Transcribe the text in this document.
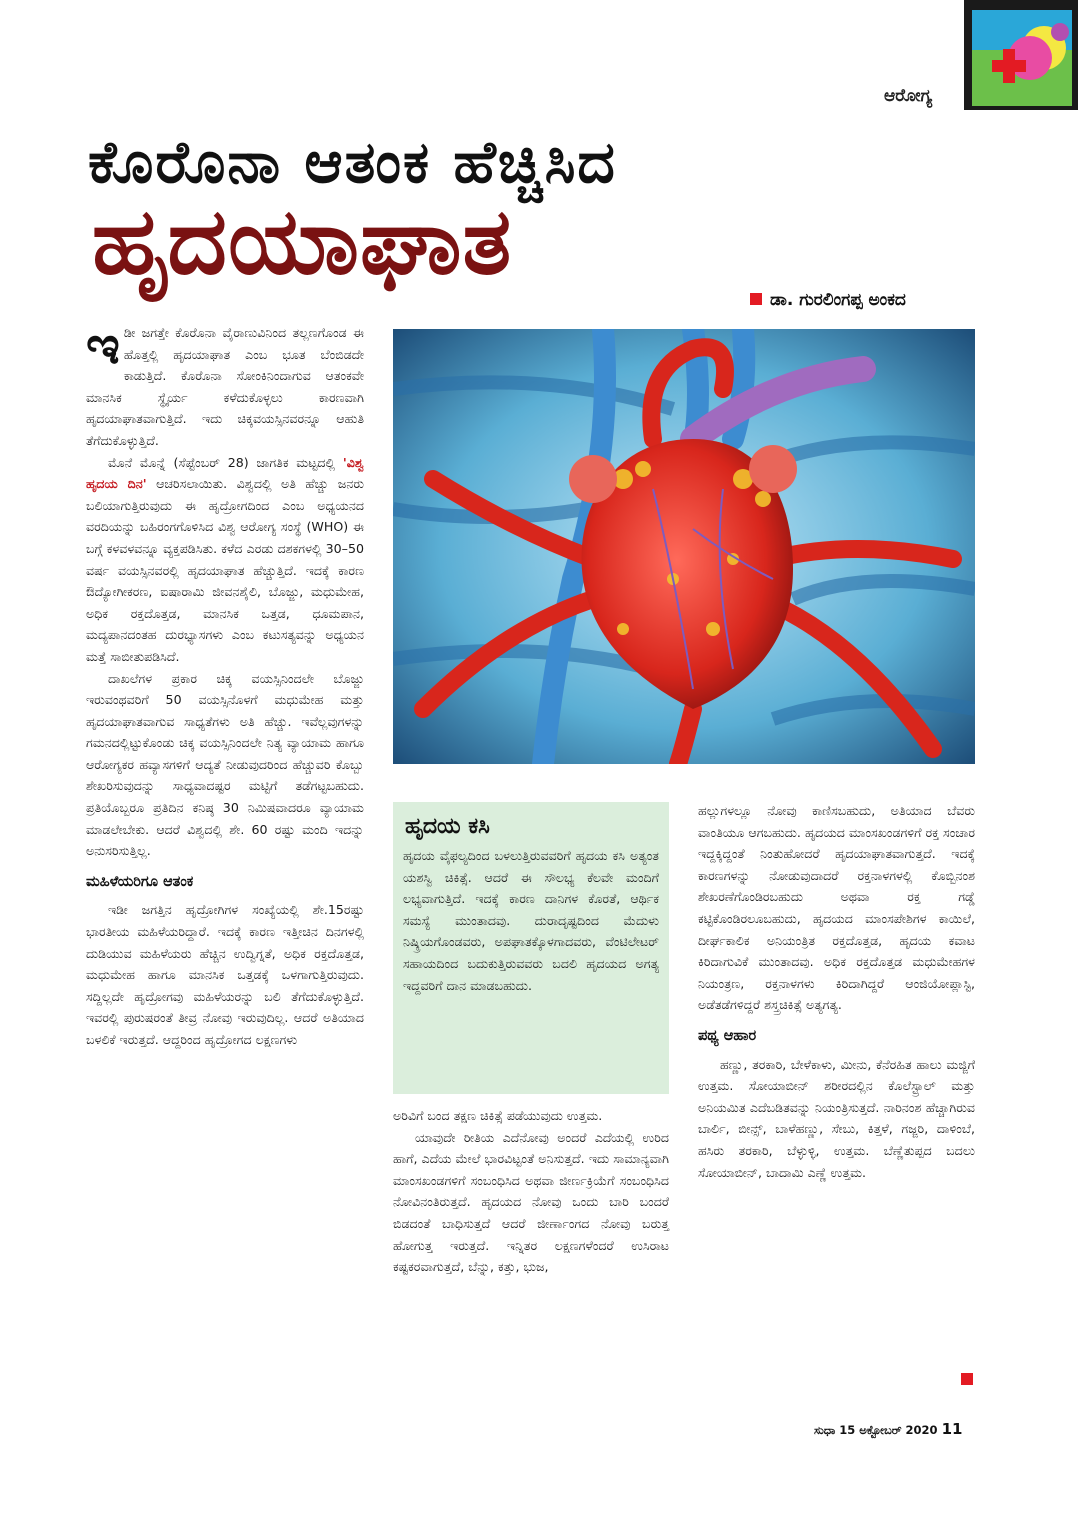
ಆರೋಗ್ಯ
ಕೊರೊನಾ ಆತಂಕ ಹೆಚ್ಚಿಸಿದ
ಹೃದಯಾಘಾತ
ಡಾ. ಗುರಲಿಂಗಪ್ಪ ಅಂಕದ

ಇಡೀ ಜಗತ್ತೇ ಕೊರೊನಾ ವೈರಾಣುವಿನಿಂದ ತಲ್ಲಣಗೊಂಡ ಈ ಹೊತ್ತಲ್ಲಿ ಹೃದಯಾಘಾತ ಎಂಬ ಭೂತ ಬೆಂಬಿಡದೇ ಕಾಡುತ್ತಿದೆ. ಕೊರೊನಾ ಸೋಂಕಿನಿಂದಾಗುವ ಆತಂಕವೇ ಮಾನಸಿಕ ಸ್ಥೈರ್ಯ ಕಳೆದುಕೊಳ್ಳಲು ಕಾರಣವಾಗಿ ಹೃದಯಾಘಾತವಾಗುತ್ತಿದೆ. ಇದು ಚಿಕ್ಕವಯಸ್ಸಿನವರನ್ನೂ ಆಹುತಿ ತೆಗೆದುಕೊಳ್ಳುತ್ತಿದೆ.

ಮೊನೆ ಮೊನ್ನೆ (ಸೆಪ್ಟೆಂಬರ್ 28) ಜಾಗತಿಕ ಮಟ್ಟದಲ್ಲಿ 'ವಿಶ್ವ ಹೃದಯ ದಿನ' ಆಚರಿಸಲಾಯಿತು. ವಿಶ್ವದಲ್ಲಿ ಅತಿ ಹೆಚ್ಚು ಜನರು ಬಲಿಯಾಗುತ್ತಿರುವುದು ಈ ಹೃದ್ರೋಗದಿಂದ ಎಂಬ ಅಧ್ಯಯನದ ವರದಿಯನ್ನು ಬಹಿರಂಗಗೊಳಿಸಿದ ವಿಶ್ವ ಆರೋಗ್ಯ ಸಂಸ್ಥೆ (WHO) ಈ ಬಗ್ಗೆ ಕಳವಳವನ್ನೂ ವ್ಯಕ್ತಪಡಿಸಿತು. ಕಳೆದ ಎರಡು ದಶಕಗಳಲ್ಲಿ 30–50 ವರ್ಷ ವಯಸ್ಸಿನವರಲ್ಲಿ ಹೃದಯಾಘಾತ ಹೆಚ್ಚುತ್ತಿದೆ. ಇದಕ್ಕೆ ಕಾರಣ ಔದ್ಯೋಗೀಕರಣ, ಐಷಾರಾಮಿ ಜೀವನಶೈಲಿ, ಬೊಜ್ಜು, ಮಧುಮೇಹ, ಅಧಿಕ ರಕ್ತದೊತ್ತಡ, ಮಾನಸಿಕ ಒತ್ತಡ, ಧೂಮಪಾನ, ಮದ್ಯಪಾನದಂತಹ ದುರಭ್ಯಾಸಗಳು ಎಂಬ ಕಟುಸತ್ಯವನ್ನು ಅಧ್ಯಯನ ಮತ್ತೆ ಸಾಬೀತುಪಡಿಸಿದೆ.

ದಾಖಲೆಗಳ ಪ್ರಕಾರ ಚಿಕ್ಕ ವಯಸ್ಸಿನಿಂದಲೇ ಬೊಜ್ಜು ಇರುವಂಥವರಿಗೆ 50 ವಯಸ್ಸಿನೊಳಗೆ ಮಧುಮೇಹ ಮತ್ತು ಹೃದಯಾಘಾತವಾಗುವ ಸಾಧ್ಯತೆಗಳು ಅತಿ ಹೆಚ್ಚು. ಇವೆಲ್ಲವುಗಳನ್ನು ಗಮನದಲ್ಲಿಟ್ಟುಕೊಂಡು ಚಿಕ್ಕ ವಯಸ್ಸಿನಿಂದಲೇ ನಿತ್ಯ ವ್ಯಾಯಾಮ ಹಾಗೂ ಆರೋಗ್ಯಕರ ಹವ್ಯಾಸಗಳಿಗೆ ಆದ್ಯತೆ ನೀಡುವುದರಿಂದ ಹೆಚ್ಚುವರಿ ಕೊಬ್ಬು ಶೇಖರಿಸುವುದನ್ನು ಸಾಧ್ಯವಾದಷ್ಟರ ಮಟ್ಟಿಗೆ ತಡೆಗಟ್ಟಬಹುದು. ಪ್ರತಿಯೊಬ್ಬರೂ ಪ್ರತಿದಿನ ಕನಿಷ್ಠ 30 ನಿಮಿಷವಾದರೂ ವ್ಯಾಯಾಮ ಮಾಡಲೇಬೇಕು. ಆದರೆ ವಿಶ್ವದಲ್ಲಿ ಶೇ. 60 ರಷ್ಟು ಮಂದಿ ಇದನ್ನು ಅನುಸರಿಸುತ್ತಿಲ್ಲ.

ಮಹಿಳೆಯರಿಗೂ ಆತಂಕ

ಇಡೀ ಜಗತ್ತಿನ ಹೃದ್ರೋಗಿಗಳ ಸಂಖ್ಯೆಯಲ್ಲಿ ಶೇ.15ರಷ್ಟು ಭಾರತೀಯ ಮಹಿಳೆಯರಿದ್ದಾರೆ. ಇದಕ್ಕೆ ಕಾರಣ ಇತ್ತೀಚಿನ ದಿನಗಳಲ್ಲಿ ದುಡಿಯುವ ಮಹಿಳೆಯರು ಹೆಚ್ಚಿನ ಉದ್ವಿಗ್ನತೆ, ಅಧಿಕ ರಕ್ತದೊತ್ತಡ, ಮಧುಮೇಹ ಹಾಗೂ ಮಾನಸಿಕ ಒತ್ತಡಕ್ಕೆ ಒಳಗಾಗುತ್ತಿರುವುದು. ಸದ್ದಿಲ್ಲದೇ ಹೃದ್ರೋಗವು ಮಹಿಳೆಯರನ್ನು ಬಲಿ ತೆಗೆದುಕೊಳ್ಳುತ್ತಿದೆ. ಇವರಲ್ಲಿ ಪುರುಷರಂತೆ ತೀವ್ರ ನೋವು ಇರುವುದಿಲ್ಲ. ಆದರೆ ಅತಿಯಾದ ಬಳಲಿಕೆ ಇರುತ್ತದೆ. ಆದ್ದರಿಂದ ಹೃದ್ರೋಗದ ಲಕ್ಷಣಗಳು

ಹೃದಯ ಕಸಿ
ಹೃದಯ ವೈಫಲ್ಯದಿಂದ ಬಳಲುತ್ತಿರುವವರಿಗೆ ಹೃದಯ ಕಸಿ ಅತ್ಯಂತ ಯಶಸ್ವಿ ಚಿಕಿತ್ಸೆ. ಆದರೆ ಈ ಸೌಲಭ್ಯ ಕೆಲವೇ ಮಂದಿಗೆ ಲಭ್ಯವಾಗುತ್ತಿದೆ. ಇದಕ್ಕೆ ಕಾರಣ ದಾನಿಗಳ ಕೊರತೆ, ಆರ್ಥಿಕ ಸಮಸ್ಯೆ ಮುಂತಾದವು. ದುರಾದೃಷ್ಟದಿಂದ ಮೆದುಳು ನಿಷ್ಕ್ರಿಯಗೊಂಡವರು, ಅಪಘಾತಕ್ಕೊಳಗಾದವರು, ವೆಂಟಿಲೇಟರ್ ಸಹಾಯದಿಂದ ಬದುಕುತ್ತಿರುವವರು ಬದಲಿ ಹೃದಯದ ಅಗತ್ಯ ಇದ್ದವರಿಗೆ ದಾನ ಮಾಡಬಹುದು.

ಅರಿವಿಗೆ ಬಂದ ತಕ್ಷಣ ಚಿಕಿತ್ಸೆ ಪಡೆಯುವುದು ಉತ್ತಮ.

ಯಾವುದೇ ರೀತಿಯ ಎದೆನೋವು ಅಂದರೆ ಎದೆಯಲ್ಲಿ ಉರಿದ ಹಾಗೆ, ಎದೆಯ ಮೇಲೆ ಭಾರವಿಟ್ಟಂತೆ ಅನಿಸುತ್ತದೆ. ಇದು ಸಾಮಾನ್ಯವಾಗಿ ಮಾಂಸಖಂಡಗಳಿಗೆ ಸಂಬಂಧಿಸಿದ ಅಥವಾ ಜೀರ್ಣಕ್ರಿಯೆಗೆ ಸಂಬಂಧಿಸಿದ ನೋವಿನಂತಿರುತ್ತದೆ. ಹೃದಯದ ನೋವು ಒಂದು ಬಾರಿ ಬಂದರೆ ಬಿಡದಂತೆ ಬಾಧಿಸುತ್ತದೆ ಆದರೆ ಜೀರ್ಣಾಂಗದ ನೋವು ಬರುತ್ತ ಹೋಗುತ್ತ ಇರುತ್ತದೆ. ಇನ್ನಿತರ ಲಕ್ಷಣಗಳೆಂದರೆ ಉಸಿರಾಟ ಕಷ್ಟಕರವಾಗುತ್ತದೆ, ಬೆನ್ನು, ಕತ್ತು, ಭುಜ,

ಹಲ್ಲುಗಳಲ್ಲೂ ನೋವು ಕಾಣಿಸಬಹುದು, ಅತಿಯಾದ ಬೆವರು ವಾಂತಿಯೂ ಆಗಬಹುದು. ಹೃದಯದ ಮಾಂಸಖಂಡಗಳಿಗೆ ರಕ್ತ ಸಂಚಾರ ಇದ್ದಕ್ಕಿದ್ದಂತೆ ನಿಂತುಹೋದರೆ ಹೃದಯಾಘಾತವಾಗುತ್ತದೆ. ಇದಕ್ಕೆ ಕಾರಣಗಳನ್ನು ನೋಡುವುದಾದರೆ ರಕ್ತನಾಳಗಳಲ್ಲಿ ಕೊಬ್ಬಿನಂಶ ಶೇಖರಣೆಗೊಂಡಿರಬಹುದು ಅಥವಾ ರಕ್ತ ಗಡ್ಡೆ ಕಟ್ಟಿಕೊಂಡಿರಲೂಬಹುದು, ಹೃದಯದ ಮಾಂಸಪೇಶಿಗಳ ಕಾಯಿಲೆ, ದೀರ್ಘಕಾಲಿಕ ಅನಿಯಂತ್ರಿತ ರಕ್ತದೊತ್ತಡ, ಹೃದಯ ಕವಾಟ ಕಿರಿದಾಗುವಿಕೆ ಮುಂತಾದವು. ಅಧಿಕ ರಕ್ತದೊತ್ತಡ ಮಧುಮೇಹಗಳ ನಿಯಂತ್ರಣ, ರಕ್ತನಾಳಗಳು ಕಿರಿದಾಗಿದ್ದರೆ ಆಂಜಿಯೋಪ್ಲಾಸ್ಟಿ, ಅಡೆತಡೆಗಳಿದ್ದರೆ ಶಸ್ತ್ರಚಿಕಿತ್ಸೆ ಅತ್ಯಗತ್ಯ.

ಪಥ್ಯ ಆಹಾರ

ಹಣ್ಣು, ತರಕಾರಿ, ಬೇಳೆಕಾಳು, ಮೀನು, ಕೆನೆರಹಿತ ಹಾಲು ಮಜ್ಜಿಗೆ ಉತ್ತಮ. ಸೋಯಾಬೀನ್ ಶರೀರದಲ್ಲಿನ ಕೊಲೆಸ್ಟ್ರಾಲ್ ಮತ್ತು ಅನಿಯಮಿತ ಎದೆಬಡಿತವನ್ನು ನಿಯಂತ್ರಿಸುತ್ತದೆ. ನಾರಿನಂಶ ಹೆಚ್ಚಾಗಿರುವ ಬಾರ್ಲಿ, ಬೀನ್ಸ್, ಬಾಳೆಹಣ್ಣು, ಸೇಬು, ಕಿತ್ತಳೆ, ಗಜ್ಜರಿ, ದಾಳಿಂಬೆ, ಹಸಿರು ತರಕಾರಿ, ಬೆಳ್ಳುಳ್ಳಿ, ಉತ್ತಮ. ಬೆಣ್ಣೆತುಪ್ಪದ ಬದಲು ಸೋಯಾಬೀನ್, ಬಾದಾಮಿ ಎಣ್ಣೆ ಉತ್ತಮ.

ಸುಧಾ 15 ಅಕ್ಟೋಬರ್ 2020 11
